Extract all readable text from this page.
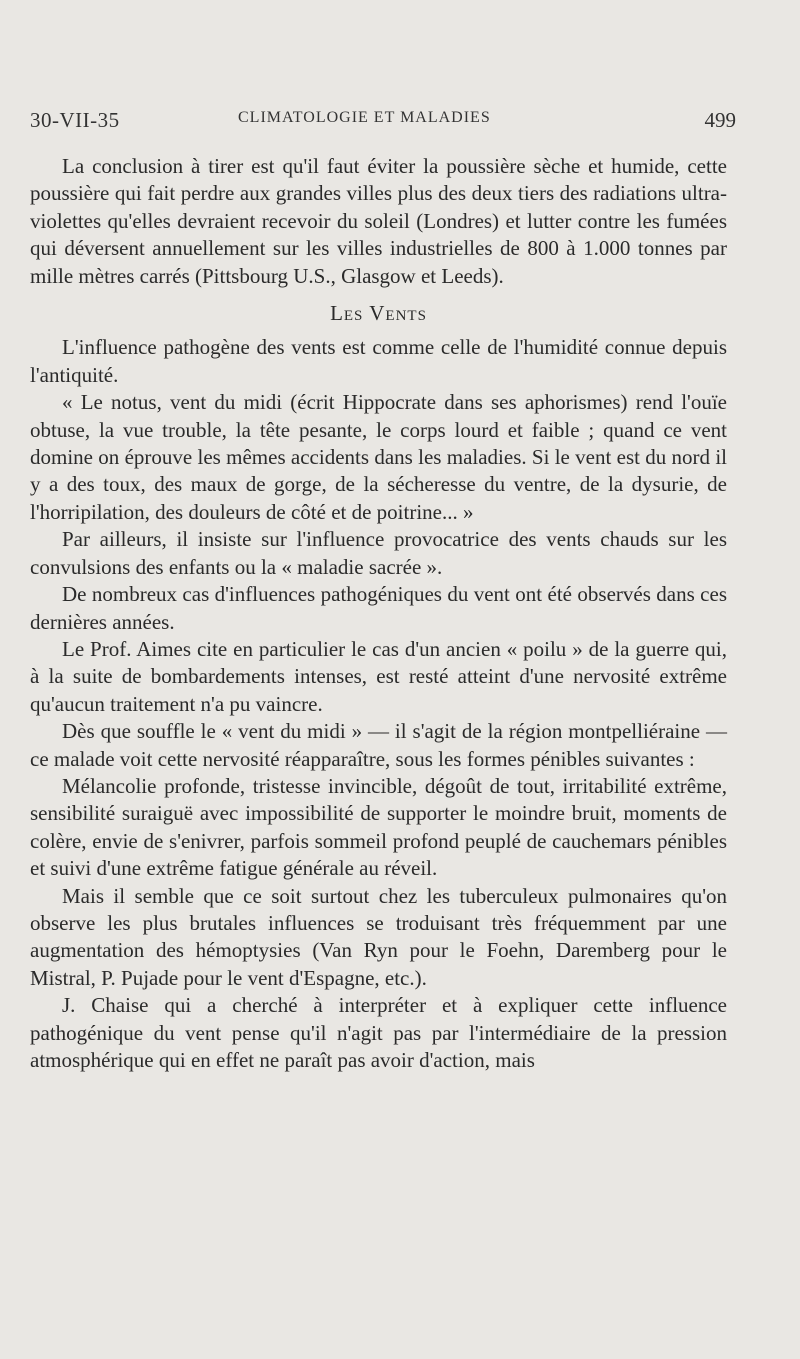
30-VII-35	CLIMATOLOGIE ET MALADIES	499

La conclusion à tirer est qu'il faut éviter la poussière sèche et humide, cette poussière qui fait perdre aux grandes villes plus des deux tiers des radiations ultra-violettes qu'elles devraient recevoir du soleil (Londres) et lutter contre les fumées qui déversent annuellement sur les villes industrielles de 800 à 1.000 tonnes par mille mètres carrés (Pittsbourg U.S., Glasgow et Leeds).

Les Vents

L'influence pathogène des vents est comme celle de l'humidité connue depuis l'antiquité.

« Le notus, vent du midi (écrit Hippocrate dans ses aphorismes) rend l'ouïe obtuse, la vue trouble, la tête pesante, le corps lourd et faible ; quand ce vent domine on éprouve les mêmes accidents dans les maladies. Si le vent est du nord il y a des toux, des maux de gorge, de la sécheresse du ventre, de la dysurie, de l'horripilation, des douleurs de côté et de poitrine... »

Par ailleurs, il insiste sur l'influence provocatrice des vents chauds sur les convulsions des enfants ou la « maladie sacrée ».

De nombreux cas d'influences pathogéniques du vent ont été observés dans ces dernières années.

Le Prof. Aimes cite en particulier le cas d'un ancien « poilu » de la guerre qui, à la suite de bombardements intenses, est resté atteint d'une nervosité extrême qu'aucun traitement n'a pu vaincre.

Dès que souffle le « vent du midi » — il s'agit de la région montpelliéraine — ce malade voit cette nervosité réapparaître, sous les formes pénibles suivantes :

Mélancolie profonde, tristesse invincible, dégoût de tout, irritabilité extrême, sensibilité suraiguë avec impossibilité de supporter le moindre bruit, moments de colère, envie de s'enivrer, parfois sommeil profond peuplé de cauchemars pénibles et suivi d'une extrême fatigue générale au réveil.

Mais il semble que ce soit surtout chez les tuberculeux pulmonaires qu'on observe les plus brutales influences se troduisant très fréquemment par une augmentation des hémoptysies (Van Ryn pour le Foehn, Daremberg pour le Mistral, P. Pujade pour le vent d'Espagne, etc.).

J. Chaise qui a cherché à interpréter et à expliquer cette influence pathogénique du vent pense qu'il n'agit pas par l'intermédiaire de la pression atmosphérique qui en effet ne paraît pas avoir d'action, mais
